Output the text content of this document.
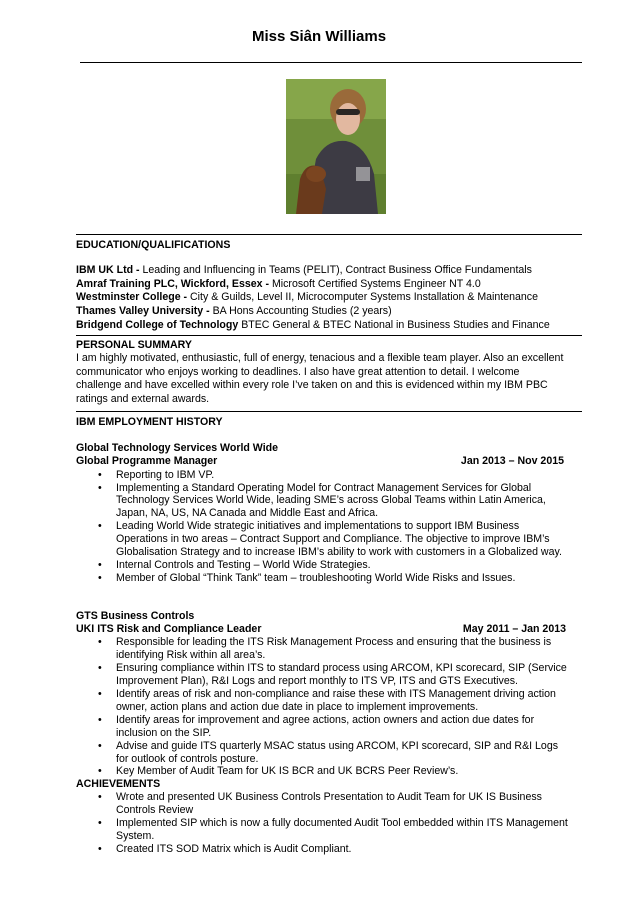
Miss Siân Williams
EDUCATION/QUALIFICATIONS
IBM UK Ltd - Leading and Influencing in Teams (PELIT), Contract Business Office Fundamentals
Amraf Training PLC, Wickford, Essex - Microsoft Certified Systems Engineer NT 4.0
Westminster College - City & Guilds, Level II, Microcomputer Systems Installation & Maintenance
Thames Valley University - BA Hons Accounting Studies (2 years)
Bridgend College of Technology BTEC General & BTEC National in Business Studies and Finance
PERSONAL SUMMARY
I am highly motivated, enthusiastic, full of energy, tenacious and a flexible team player. Also an excellent
communicator who enjoys working to deadlines. I also have great attention to detail. I welcome
challenge and have excelled within every role I’ve taken on and this is evidenced within my IBM PBC
ratings and external awards.
IBM EMPLOYMENT HISTORY
Global Technology Services World Wide
Global Programme Manager	Jan 2013 – Nov 2015
• Reporting to IBM VP.
• Implementing a Standard Operating Model for Contract Management Services for Global
Technology Services World Wide, leading SME’s across Global Teams within Latin America,
Japan, NA, US, NA Canada and Middle East and Africa.
• Leading World Wide strategic initiatives and implementations to support IBM Business
Operations in two areas – Contract Support and Compliance. The objective to improve IBM’s
Globalisation Strategy and to increase IBM’s ability to work with customers in a Globalized way.
• Internal Controls and Testing – World Wide Strategies.
• Member of Global “Think Tank” team – troubleshooting World Wide Risks and Issues.
GTS Business Controls
UKI ITS Risk and Compliance Leader	May 2011 – Jan 2013
• Responsible for leading the ITS Risk Management Process and ensuring that the business is
identifying Risk within all area’s.
• Ensuring compliance within ITS to standard process using ARCOM, KPI scorecard, SIP (Service
Improvement Plan), R&I Logs and report monthly to ITS VP, ITS and GTS Executives.
• Identify areas of risk and non-compliance and raise these with ITS Management driving action
owner, action plans and action due date in place to implement improvements.
• Identify areas for improvement and agree actions, action owners and action due dates for
inclusion on the SIP.
• Advise and guide ITS quarterly MSAC status using ARCOM, KPI scorecard, SIP and R&I Logs
for outlook of controls posture.
• Key Member of Audit Team for UK IS BCR and UK BCRS Peer Review’s.
ACHIEVEMENTS
• Wrote and presented UK Business Controls Presentation to Audit Team for UK IS Business
Controls Review
• Implemented SIP which is now a fully documented Audit Tool embedded within ITS Management
System.
• Created ITS SOD Matrix which is Audit Compliant.
